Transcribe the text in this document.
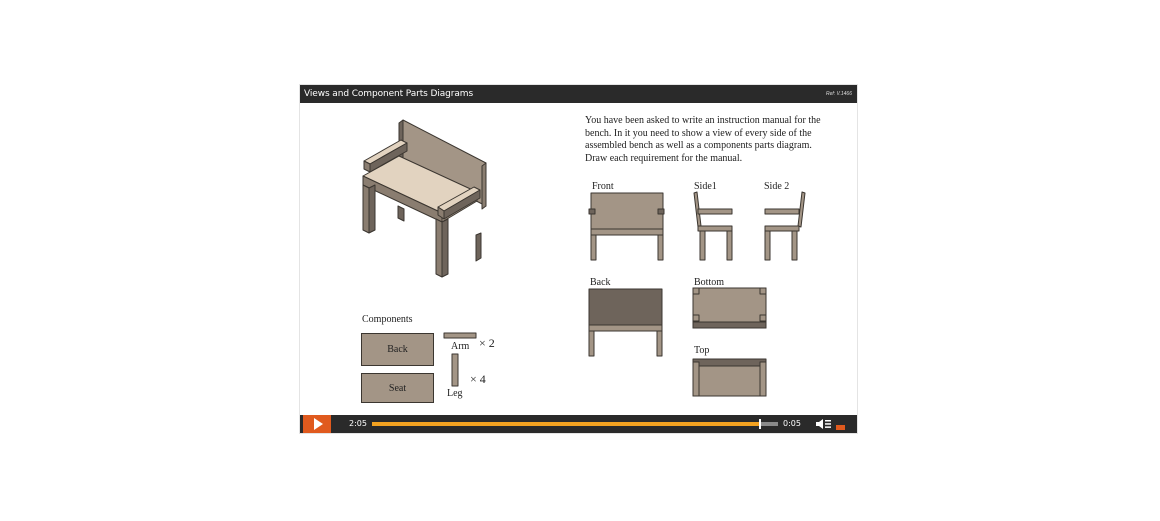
Views and Component Parts Diagrams	Ref: V.1466
You have been asked to write an instruction manual for the bench. In it you need to show a view of every side of the assembled bench as well as a components parts diagram. Draw each requirement for the manual.
Front	Side1	Side 2
Back	Bottom
Top
Components
Back
Seat
Arm × 2
Leg
× 4
2:05	0:05
